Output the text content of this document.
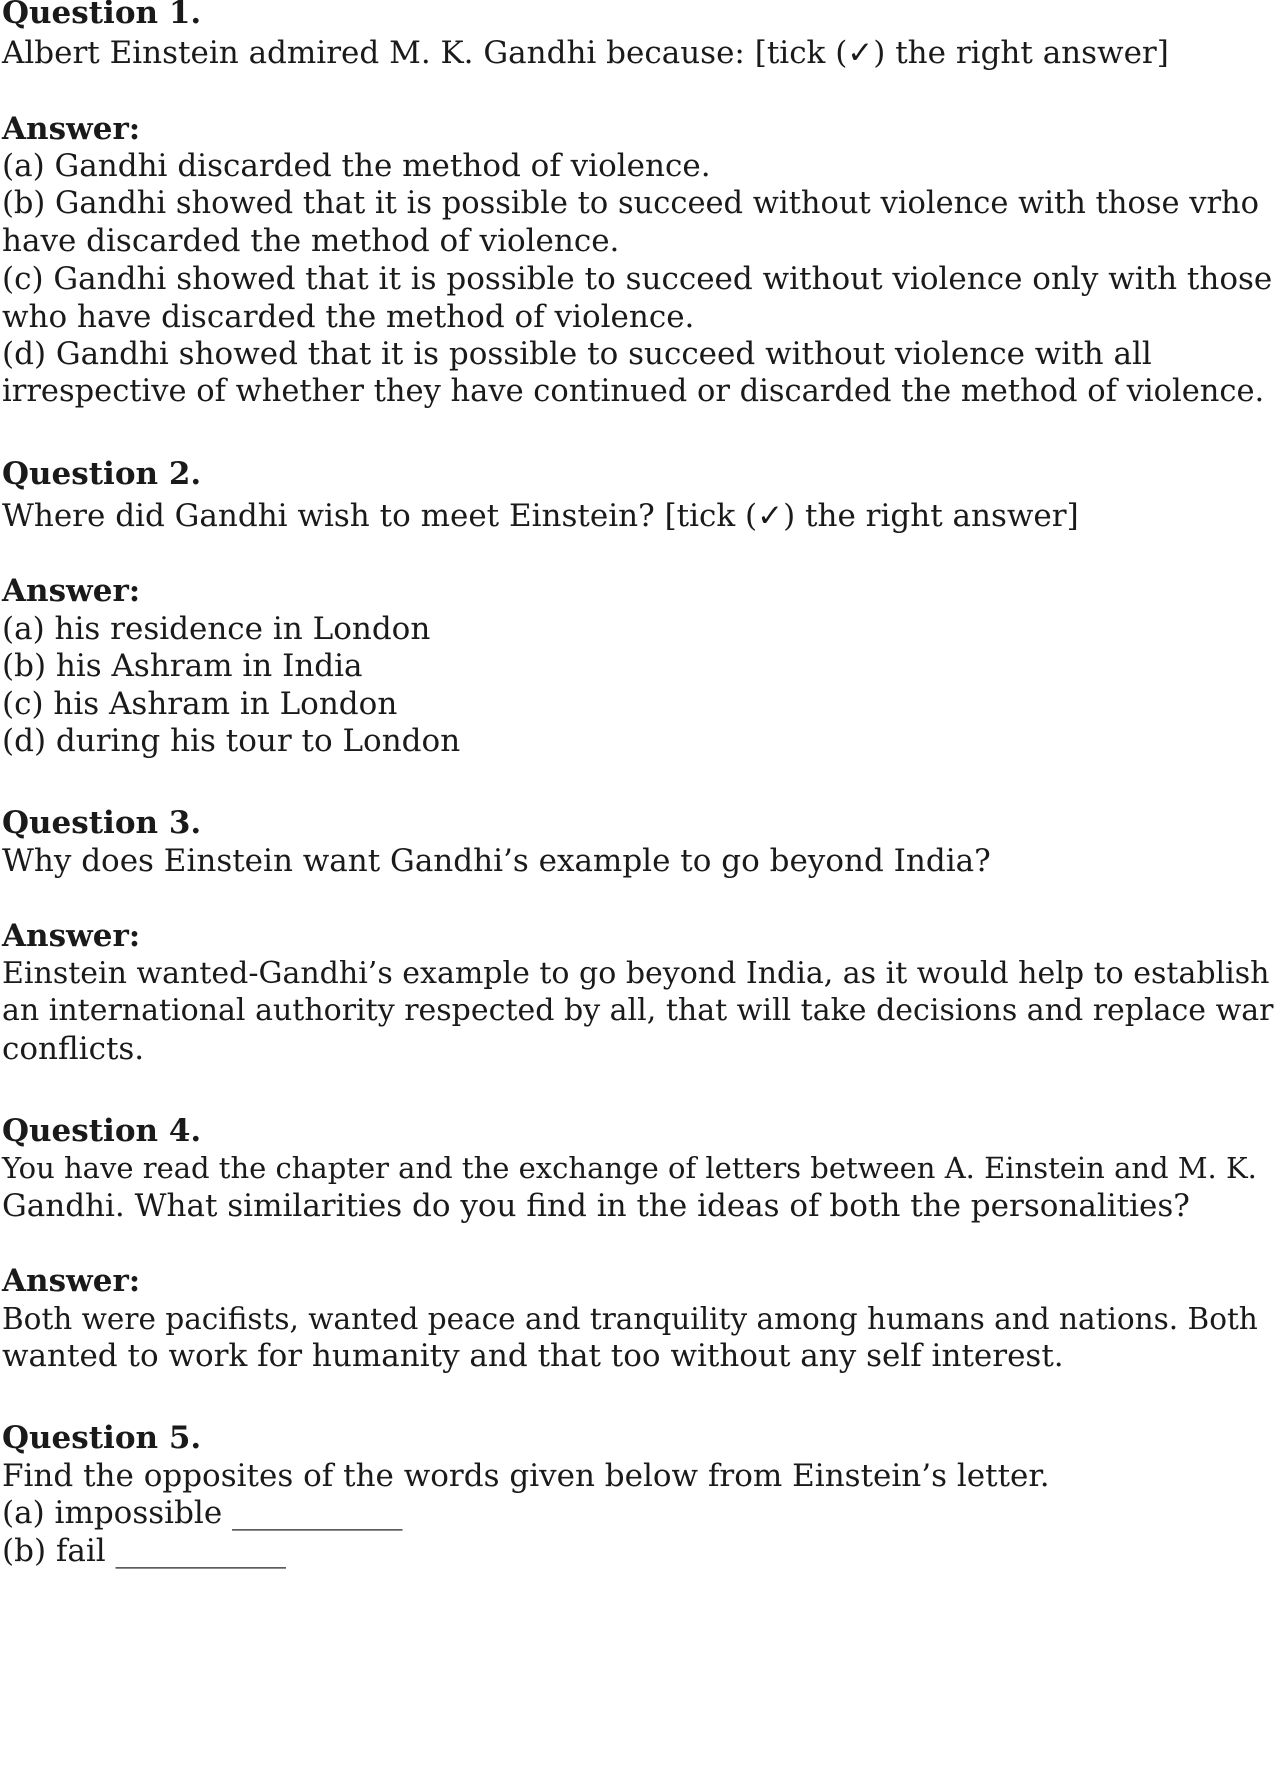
Question 1.
Albert Einstein admired M. K. Gandhi because: [tick (✓) the right answer]
Answer:
(a) Gandhi discarded the method of violence.
(b) Gandhi showed that it is possible to succeed without violence with those vrho
have discarded the method of violence.
(c) Gandhi showed that it is possible to succeed without violence only with those
who have discarded the method of violence.
(d) Gandhi showed that it is possible to succeed without violence with all
irrespective of whether they have continued or discarded the method of violence.
Question 2.
Where did Gandhi wish to meet Einstein? [tick (✓) the right answer]
Answer:
(a) his residence in London
(b) his Ashram in India
(c) his Ashram in London
(d) during his tour to London
Question 3.
Why does Einstein want Gandhi’s example to go beyond India?
Answer:
Einstein wanted-Gandhi’s example to go beyond India, as it would help to establish
an international authority respected by all, that will take decisions and replace war
conflicts.
Question 4.
You have read the chapter and the exchange of letters between A. Einstein and M. K.
Gandhi. What similarities do you find in the ideas of both the personalities?
Answer:
Both were pacifists, wanted peace and tranquility among humans and nations. Both
wanted to work for humanity and that too without any self interest.
Question 5.
Find the opposites of the words given below from Einstein’s letter.
(a) impossible ___________
(b) fail ___________
